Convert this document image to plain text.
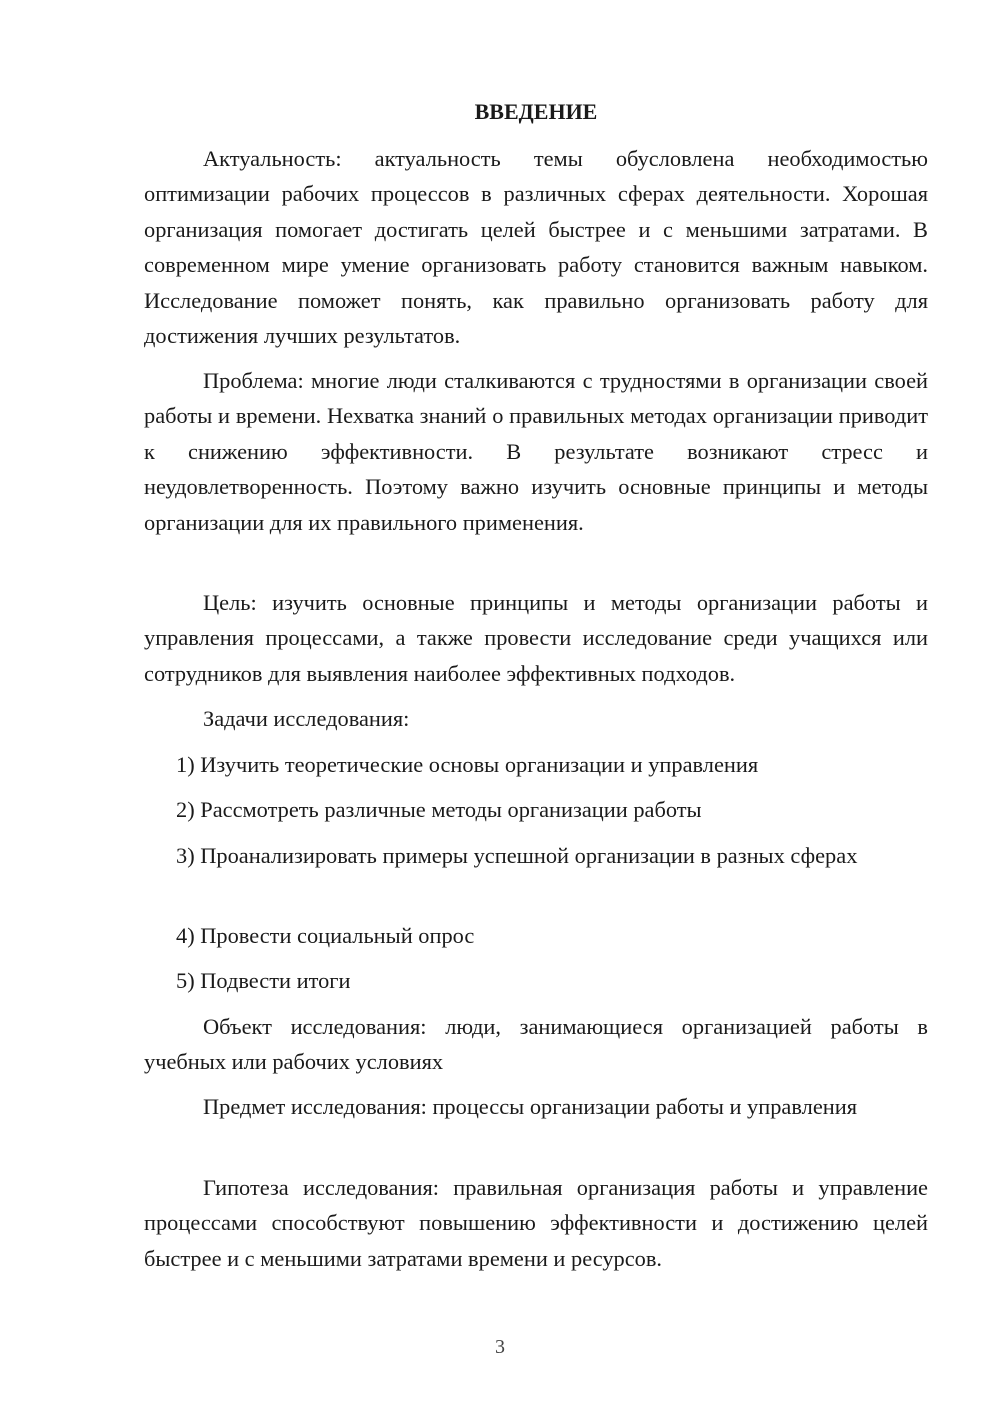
ВВЕДЕНИЕ

Актуальность: актуальность темы обусловлена необходимостью оптимизации рабочих процессов в различных сферах деятельности. Хорошая организация помогает достигать целей быстрее и с меньшими затратами. В современном мире умение организовать работу становится важным навыком. Исследование поможет понять, как правильно организовать работу для достижения лучших результатов.

Проблема: многие люди сталкиваются с трудностями в организации своей работы и времени. Нехватка знаний о правильных методах организации приводит к снижению эффективности. В результате возникают стресс и неудовлетворенность. Поэтому важно изучить основные принципы и методы организации для их правильного применения.

Цель: изучить основные принципы и методы организации работы и управления процессами, а также провести исследование среди учащихся или сотрудников для выявления наиболее эффективных подходов.

Задачи исследования:

1) Изучить теоретические основы организации и управления

2) Рассмотреть различные методы организации работы

3) Проанализировать примеры успешной организации в разных сферах

4) Провести социальный опрос

5) Подвести итоги

Объект исследования: люди, занимающиеся организацией работы в учебных или рабочих условиях

Предмет исследования: процессы организации работы и управления

Гипотеза исследования: правильная организация работы и управление процессами способствуют повышению эффективности и достижению целей быстрее и с меньшими затратами времени и ресурсов.

3
